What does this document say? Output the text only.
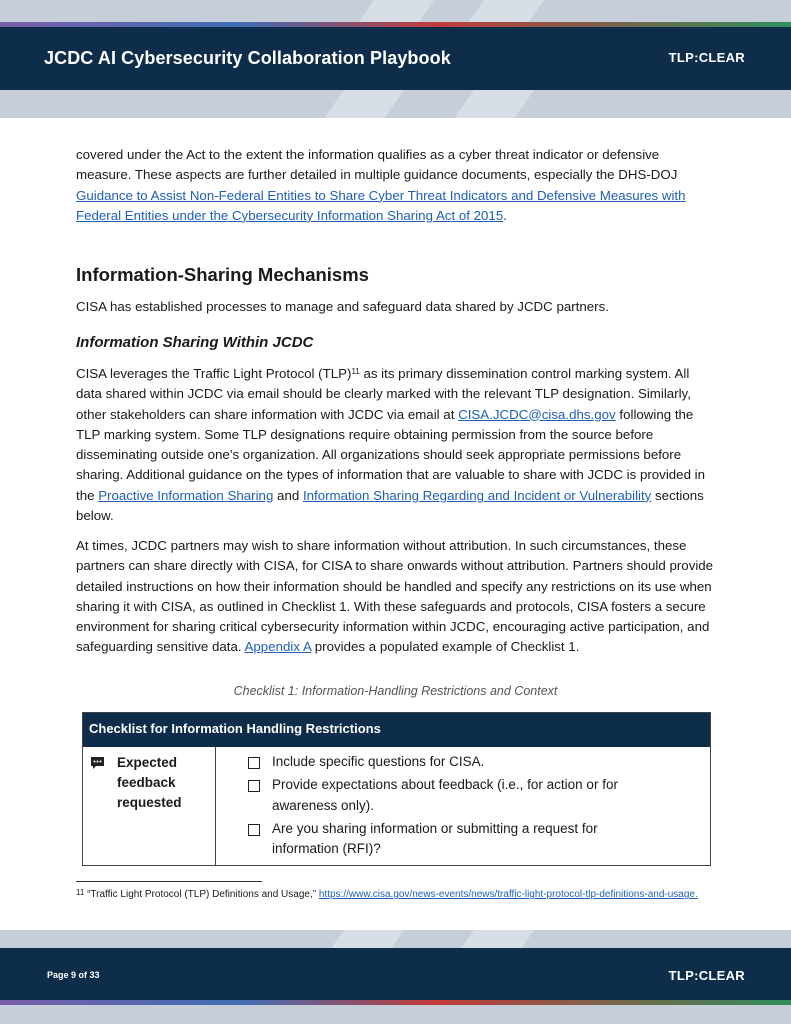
JCDC AI Cybersecurity Collaboration Playbook	TLP:CLEAR

covered under the Act to the extent the information qualifies as a cyber threat indicator or defensive measure. These aspects are further detailed in multiple guidance documents, especially the DHS-DOJ Guidance to Assist Non-Federal Entities to Share Cyber Threat Indicators and Defensive Measures with Federal Entities under the Cybersecurity Information Sharing Act of 2015.

Information-Sharing Mechanisms

CISA has established processes to manage and safeguard data shared by JCDC partners.

Information Sharing Within JCDC

CISA leverages the Traffic Light Protocol (TLP)$^{11}$ as its primary dissemination control marking system. All data shared within JCDC via email should be clearly marked with the relevant TLP designation. Similarly, other stakeholders can share information with JCDC via email at CISA.JCDC@cisa.dhs.gov following the TLP marking system. Some TLP designations require obtaining permission from the source before disseminating outside one’s organization. All organizations should seek appropriate permissions before sharing. Additional guidance on the types of information that are valuable to share with JCDC is provided in the Proactive Information Sharing and Information Sharing Regarding and Incident or Vulnerability sections below.

At times, JCDC partners may wish to share information without attribution. In such circumstances, these partners can share directly with CISA, for CISA to share onwards without attribution. Partners should provide detailed instructions on how their information should be handled and specify any restrictions on its use when sharing it with CISA, as outlined in Checklist 1. With these safeguards and protocols, CISA fosters a secure environment for sharing critical cybersecurity information within JCDC, encouraging active participation, and safeguarding sensitive data. Appendix A provides a populated example of Checklist 1.

Checklist 1: Information-Handling Restrictions and Context
Checklist for Information Handling Restrictions
Expected feedback requested
Include specific questions for CISA.
Provide expectations about feedback (i.e., for action or for awareness only).
Are you sharing information or submitting a request for information (RFI)?
$^{11}$ “Traffic Light Protocol (TLP) Definitions and Usage,” https://www.cisa.gov/news-events/news/traffic-light-protocol-tlp-definitions-and-usage.
Page 9 of 33	TLP:CLEAR
